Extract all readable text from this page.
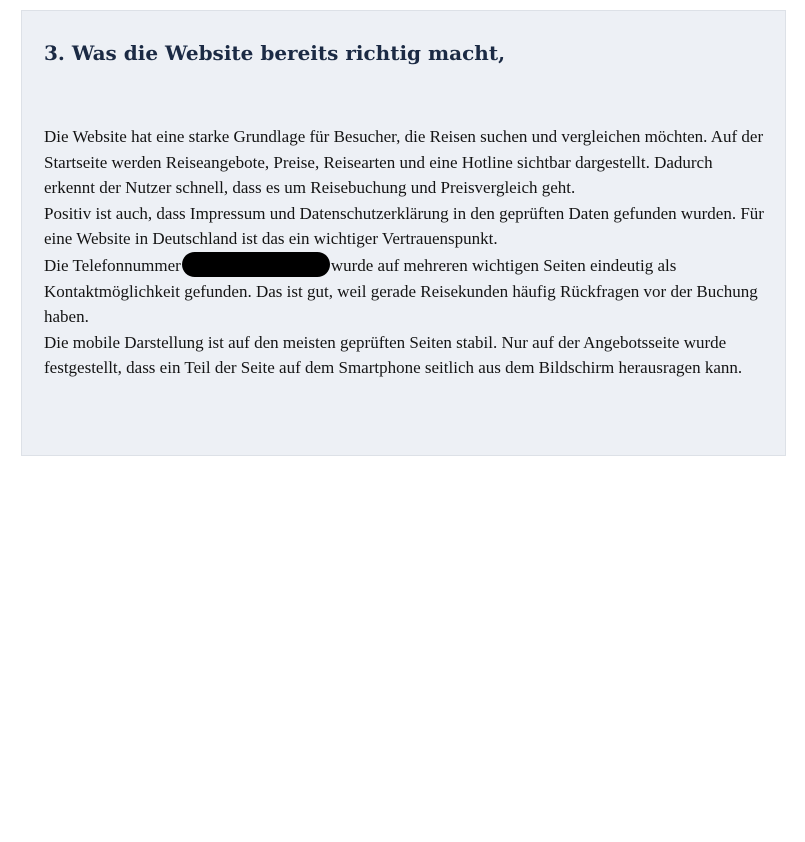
3. Was die Website bereits richtig macht,

Die Website hat eine starke Grundlage für Besucher, die Reisen suchen und vergleichen möchten. Auf der Startseite werden Reiseangebote, Preise, Reisearten und eine Hotline sichtbar dargestellt. Dadurch erkennt der Nutzer schnell, dass es um Reisebuchung und Preisvergleich geht.

Positiv ist auch, dass Impressum und Datenschutzerklärung in den geprüften Daten gefunden wurden. Für eine Website in Deutschland ist das ein wichtiger Vertrauenspunkt.

Die Telefonnummer	wurde auf mehreren wichtigen Seiten eindeutig als Kontaktmöglichkeit gefunden. Das ist gut, weil gerade Reisekunden häufig Rückfragen vor der Buchung haben.

Die mobile Darstellung ist auf den meisten geprüften Seiten stabil. Nur auf der Angebotsseite wurde festgestellt, dass ein Teil der Seite auf dem Smartphone seitlich aus dem Bildschirm herausragen kann.
